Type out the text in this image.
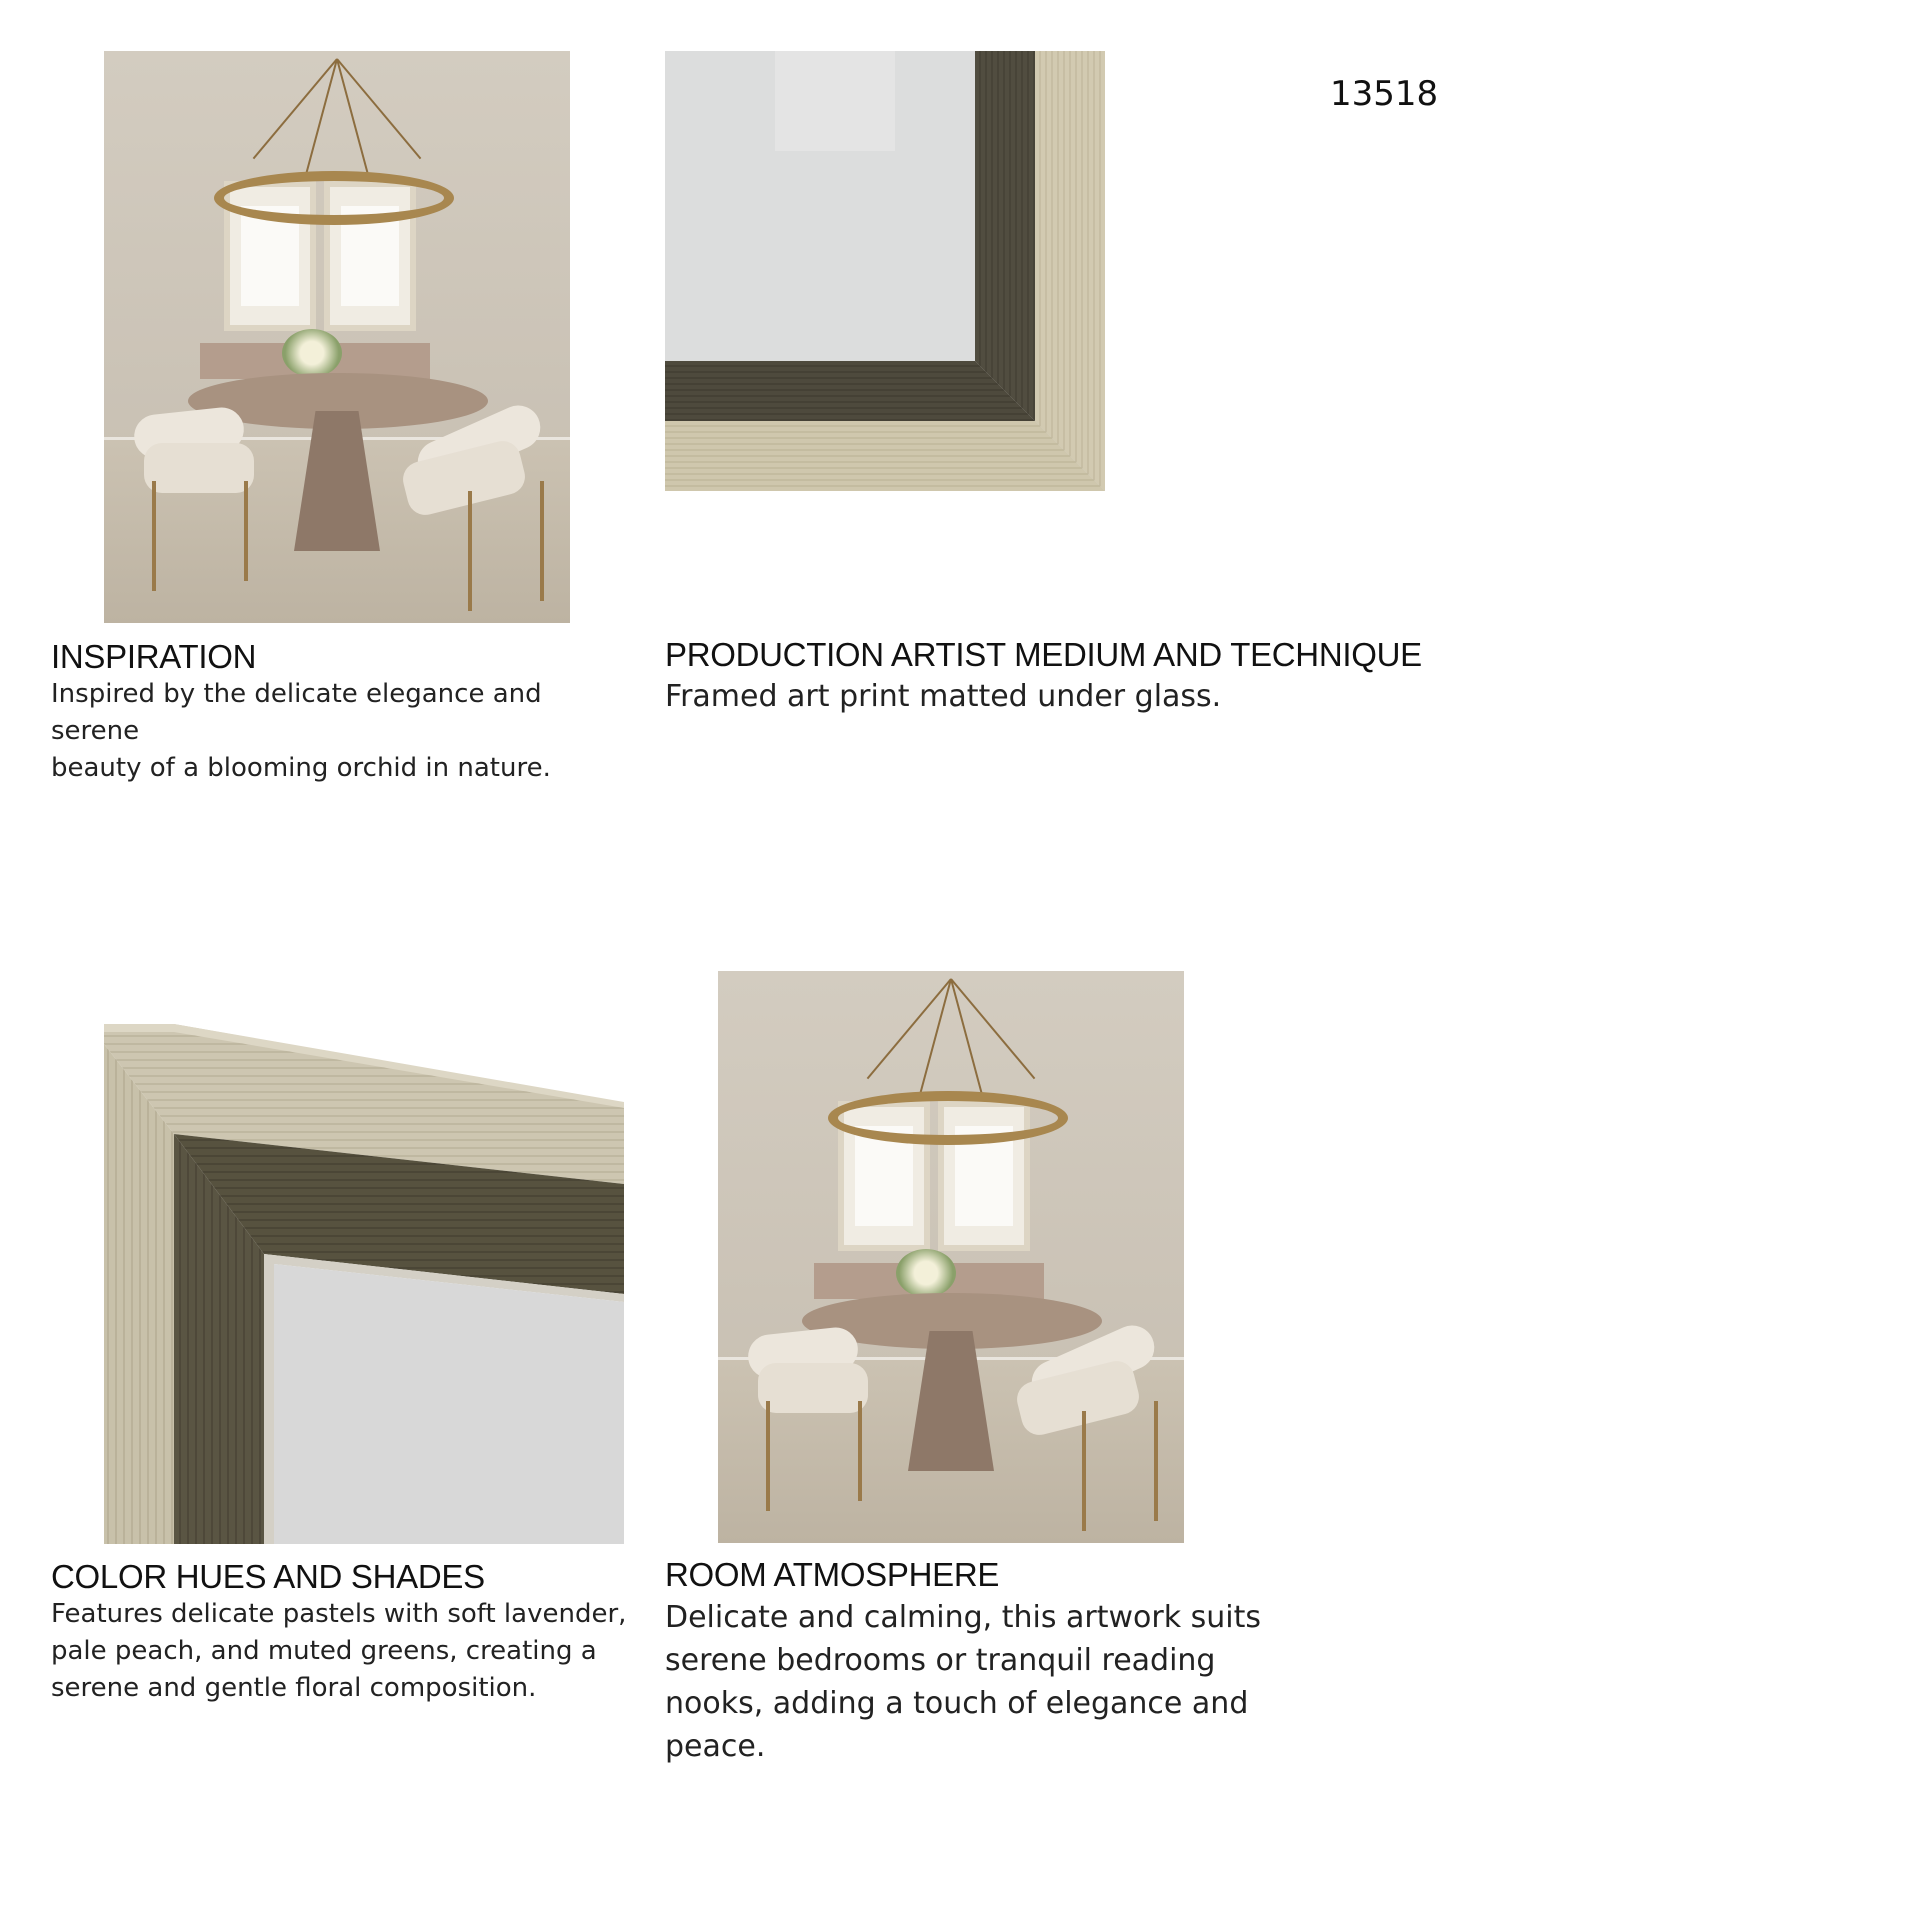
13518
INSPIRATION
Inspired by the delicate elegance and serene
beauty of a blooming orchid in nature.
PRODUCTION ARTIST MEDIUM AND TECHNIQUE
Framed art print matted under glass.
COLOR HUES AND SHADES
Features delicate pastels with soft lavender,
pale peach, and muted greens, creating a
serene and gentle floral composition.
ROOM ATMOSPHERE
Delicate and calming, this artwork suits
serene bedrooms or tranquil reading
nooks, adding a touch of elegance and
peace.
